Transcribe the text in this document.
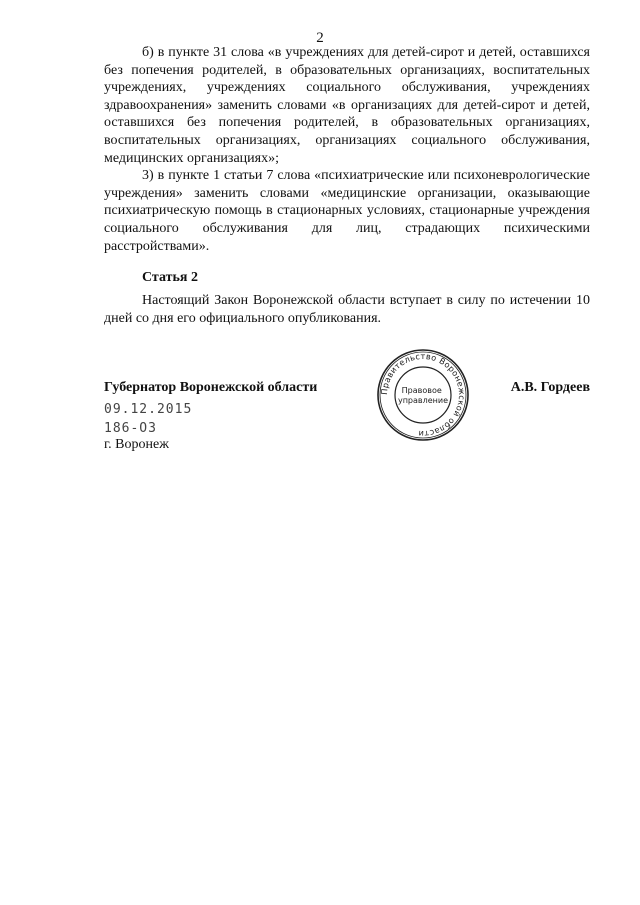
2

б) в пункте 31 слова «в учреждениях для детей-сирот и детей, оставшихся без попечения родителей, в образовательных организациях, воспитательных учреждениях, учреждениях социального обслуживания, учреждениях здравоохранения» заменить словами «в организациях для детей-сирот и детей, оставшихся без попечения родителей, в образовательных организациях, воспитательных организациях, организациях социального обслуживания, медицинских организациях»;

3) в пункте 1 статьи 7 слова «психиатрические или психоневрологические учреждения» заменить словами «медицинские организации, оказывающие психиатрическую помощь в стационарных условиях, стационарные учреждения социального обслуживания для лиц, страдающих психическими расстройствами».

Статья 2

Настоящий Закон Воронежской области вступает в силу по истечении 10 дней со дня его официального опубликования.

Губернатор Воронежской области	А.В. Гордеев
Правительство Воронежской области
Правовое управление
09.12.2015
186-ОЗ
г. Воронеж
